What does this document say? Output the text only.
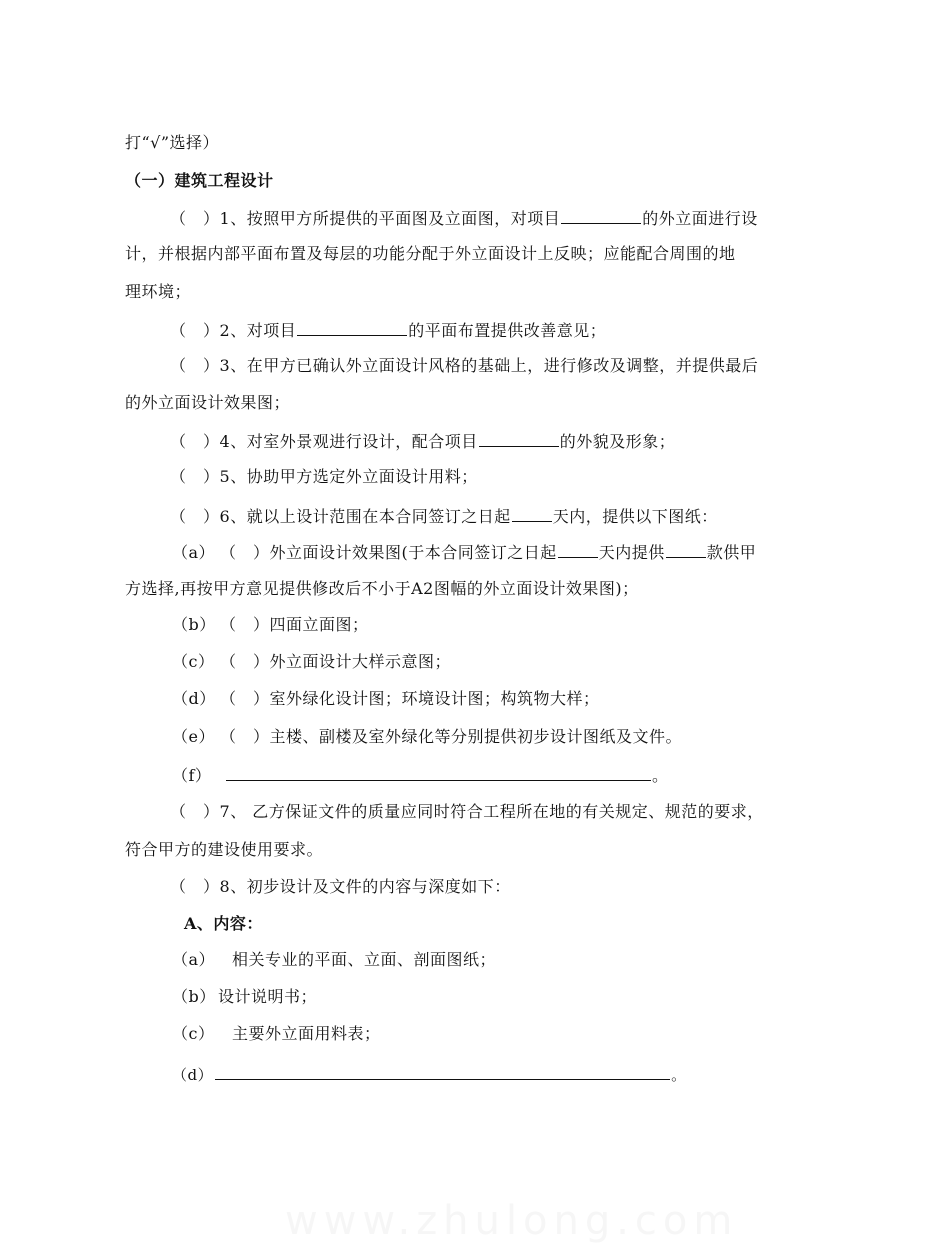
打“√”选择）
（一）建筑工程设计
（　）1、按照甲方所提供的平面图及立面图，对项目	的外立面进行设
计，并根据内部平面布置及每层的功能分配于外立面设计上反映；应能配合周围的地
理环境；
（　）2、对项目	的平面布置提供改善意见；
（　）3、在甲方已确认外立面设计风格的基础上，进行修改及调整，并提供最后
的外立面设计效果图；
（　）4、对室外景观进行设计，配合项目	的外貌及形象；
（　）5、协助甲方选定外立面设计用料；
（　）6、就以上设计范围在本合同签订之日起	天内，提供以下图纸：
（a） （　）外立面设计效果图(于本合同签订之日起	天内提供	款供甲
方选择,再按甲方意见提供修改后不小于A2图幅的外立面设计效果图)；
（b） （　）四面立面图；
（c） （　）外立面设计大样示意图；
（d） （　）室外绿化设计图；环境设计图；构筑物大样；
（e） （　）主楼、副楼及室外绿化等分别提供初步设计图纸及文件。
（f）	。
（　）7、 乙方保证文件的质量应同时符合工程所在地的有关规定、规范的要求，
符合甲方的建设使用要求。
（　）8、初步设计及文件的内容与深度如下：
A、内容：
（a） 相关专业的平面、立面、剖面图纸；
（b） 设计说明书；
（c） 主要外立面用料表；
（d）	。
www.zhulong.com
